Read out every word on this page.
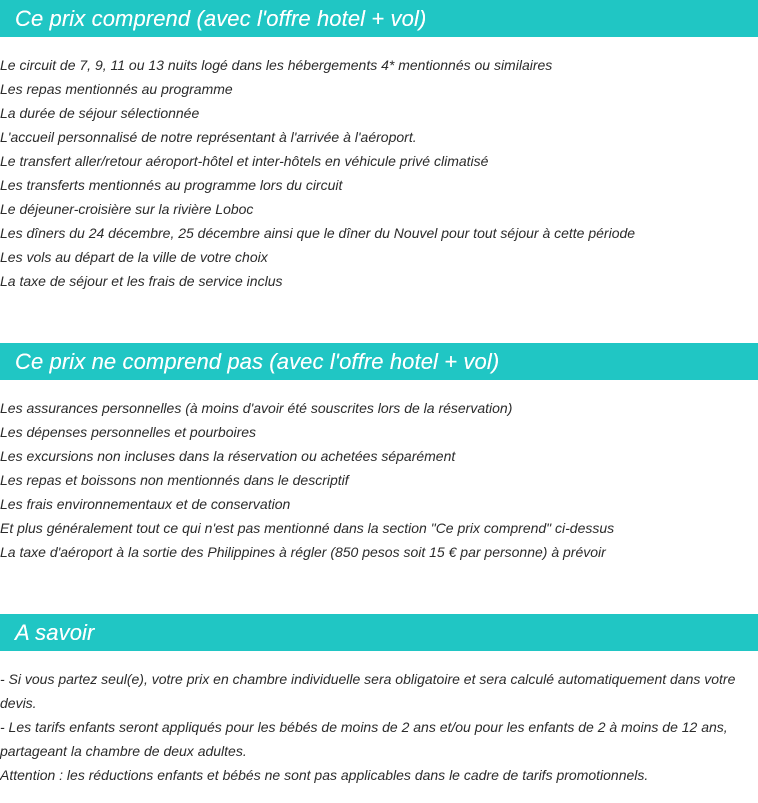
Ce prix comprend (avec l'offre hotel + vol)
Le circuit de 7, 9, 11 ou 13 nuits logé dans les hébergements 4* mentionnés ou similaires
Les repas mentionnés au programme
La durée de séjour sélectionnée
L'accueil personnalisé de notre représentant à l'arrivée à l'aéroport.
Le transfert aller/retour aéroport-hôtel et inter-hôtels en véhicule privé climatisé
Les transferts mentionnés au programme lors du circuit
Le déjeuner-croisière sur la rivière Loboc
Les dîners du 24 décembre, 25 décembre ainsi que le dîner du Nouvel pour tout séjour à cette période
Les vols au départ de la ville de votre choix
La taxe de séjour et les frais de service inclus
Ce prix ne comprend pas (avec l'offre hotel + vol)
Les assurances personnelles (à moins d'avoir été souscrites lors de la réservation)
Les dépenses personnelles et pourboires
Les excursions non incluses dans la réservation ou achetées séparément
Les repas et boissons non mentionnés dans le descriptif
Les frais environnementaux et de conservation
Et plus généralement tout ce qui n'est pas mentionné dans la section "Ce prix comprend" ci-dessus
La taxe d'aéroport à la sortie des Philippines à régler (850 pesos soit 15 € par personne) à prévoir
A savoir

- Si vous partez seul(e), votre prix en chambre individuelle sera obligatoire et sera calculé automatiquement dans votre devis.

- Les tarifs enfants seront appliqués pour les bébés de moins de 2 ans et/ou pour les enfants de 2 à moins de 12 ans, partageant la chambre de deux adultes.

Attention : les réductions enfants et bébés ne sont pas applicables dans le cadre de tarifs promotionnels.
